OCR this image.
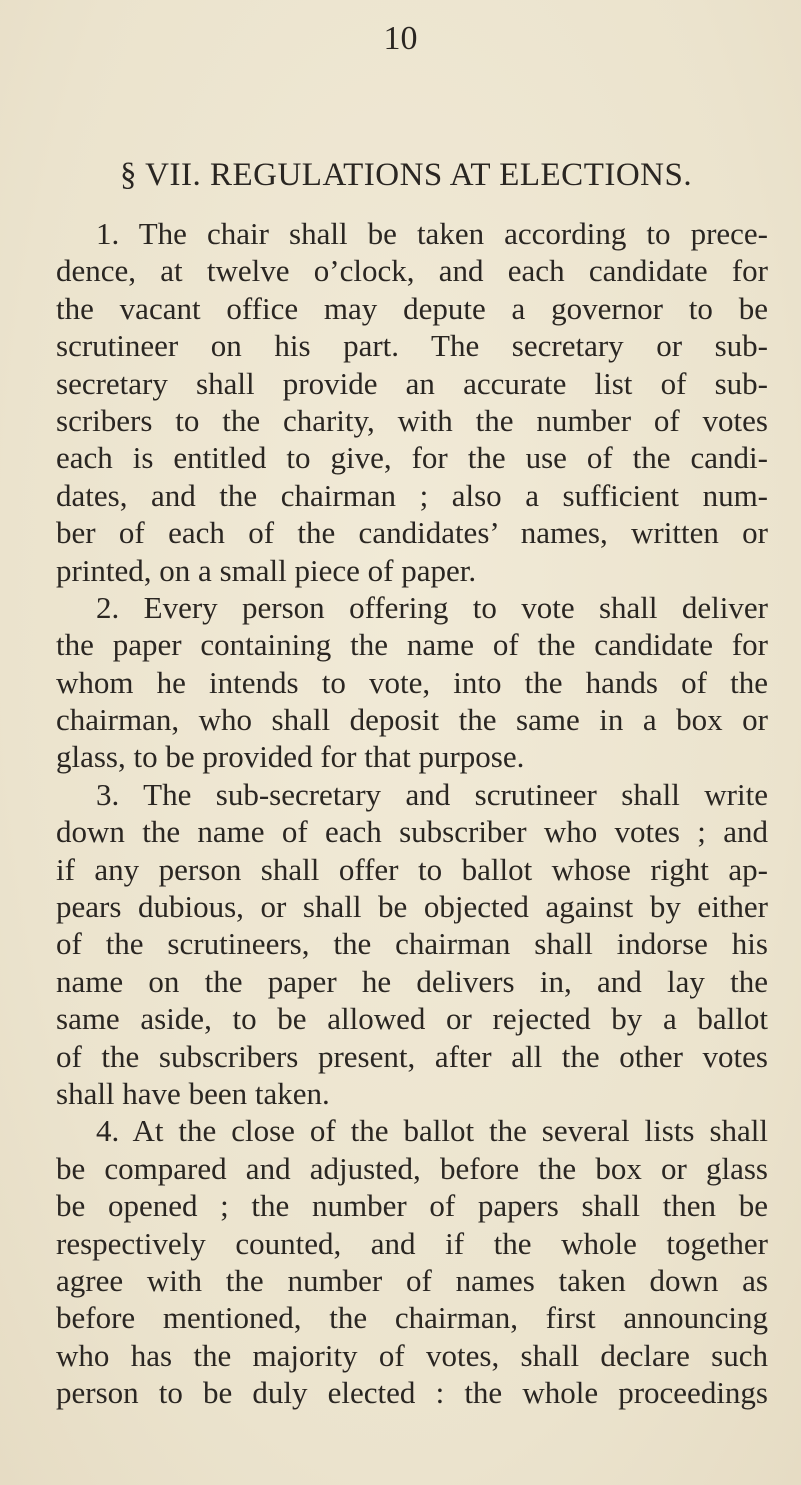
10
§ VII. REGULATIONS AT ELECTIONS.
1. The chair shall be taken according to prece-
dence, at twelve o’clock, and each candidate for
the vacant office may depute a governor to be
scrutineer on his part. The secretary or sub-
secretary shall provide an accurate list of sub-
scribers to the charity, with the number of votes
each is entitled to give, for the use of the candi-
dates, and the chairman ; also a sufficient num-
ber of each of the candidates’ names, written or
printed, on a small piece of paper.
2. Every person offering to vote shall deliver
the paper containing the name of the candidate for
whom he intends to vote, into the hands of the
chairman, who shall deposit the same in a box or
glass, to be provided for that purpose.
3. The sub-secretary and scrutineer shall write
down the name of each subscriber who votes ; and
if any person shall offer to ballot whose right ap-
pears dubious, or shall be objected against by either
of the scrutineers, the chairman shall indorse his
name on the paper he delivers in, and lay the
same aside, to be allowed or rejected by a ballot
of the subscribers present, after all the other votes
shall have been taken.
4. At the close of the ballot the several lists shall
be compared and adjusted, before the box or glass
be opened ; the number of papers shall then be
respectively counted, and if the whole together
agree with the number of names taken down as
before mentioned, the chairman, first announcing
who has the majority of votes, shall declare such
person to be duly elected : the whole proceedings
